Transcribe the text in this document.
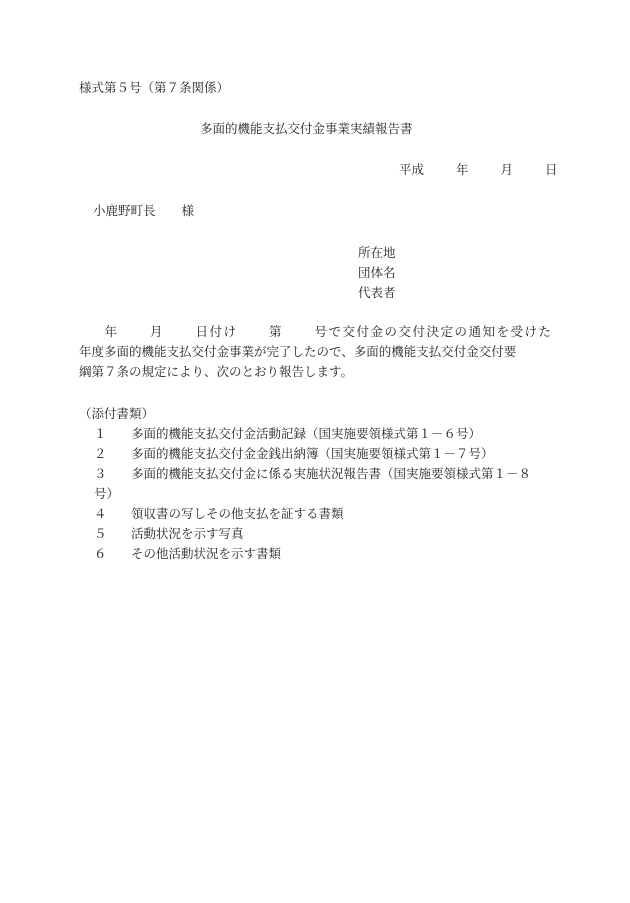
様式第５号（第７条関係）
多面的機能支払交付金事業実績報告書
平成	年	月	日
小鹿野町長 様
所在地
団体名
代表者
年 月 日付け 第 号で交付金の交付決定の通知を受けた
年度多面的機能支払交付金事業が完了したので、多面的機能支払交付金交付要
綱第７条の規定により、次のとおり報告します。
（添付書類）
１ 多面的機能支払交付金活動記録（国実施要領様式第１－６号）
２ 多面的機能支払交付金金銭出納簿（国実施要領様式第１－７号）
３ 多面的機能支払交付金に係る実施状況報告書（国実施要領様式第１－８
号）
４ 領収書の写しその他支払を証する書類
５ 活動状況を示す写真
６ その他活動状況を示す書類
